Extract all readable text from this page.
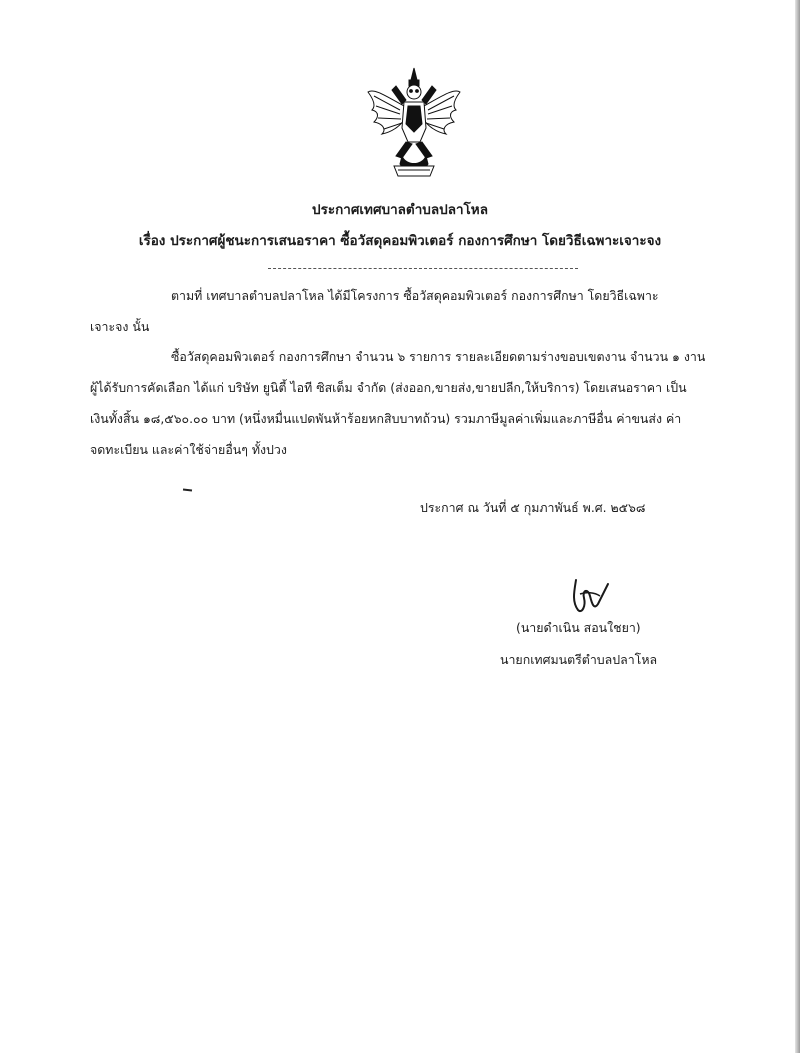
ประกาศเทศบาลตำบลปลาโหล
เรื่อง ประกาศผู้ชนะการเสนอราคา ซื้อวัสดุคอมพิวเตอร์ กองการศึกษา โดยวิธีเฉพาะเจาะจง
ตามที่ เทศบาลตำบลปลาโหล ได้มีโครงการ ซื้อวัสดุคอมพิวเตอร์ กองการศึกษา โดยวิธีเฉพาะ
เจาะจง นั้น
ซื้อวัสดุคอมพิวเตอร์ กองการศึกษา จำนวน ๖ รายการ รายละเอียดตามร่างขอบเขตงาน จำนวน ๑ งาน
ผู้ได้รับการคัดเลือก ได้แก่ บริษัท ยูนิตี้ ไอที ซิสเต็ม จำกัด (ส่งออก,ขายส่ง,ขายปลีก,ให้บริการ) โดยเสนอราคา เป็น
เงินทั้งสิ้น ๑๘,๕๖๐.๐๐ บาท (หนึ่งหมื่นแปดพันห้าร้อยหกสิบบาทถ้วน) รวมภาษีมูลค่าเพิ่มและภาษีอื่น ค่าขนส่ง ค่า
จดทะเบียน และค่าใช้จ่ายอื่นๆ ทั้งปวง
ประกาศ ณ วันที่ ๕ กุมภาพันธ์ พ.ศ. ๒๕๖๘
(นายดำเนิน สอนใชยา)
นายกเทศมนตรีตำบลปลาโหล
